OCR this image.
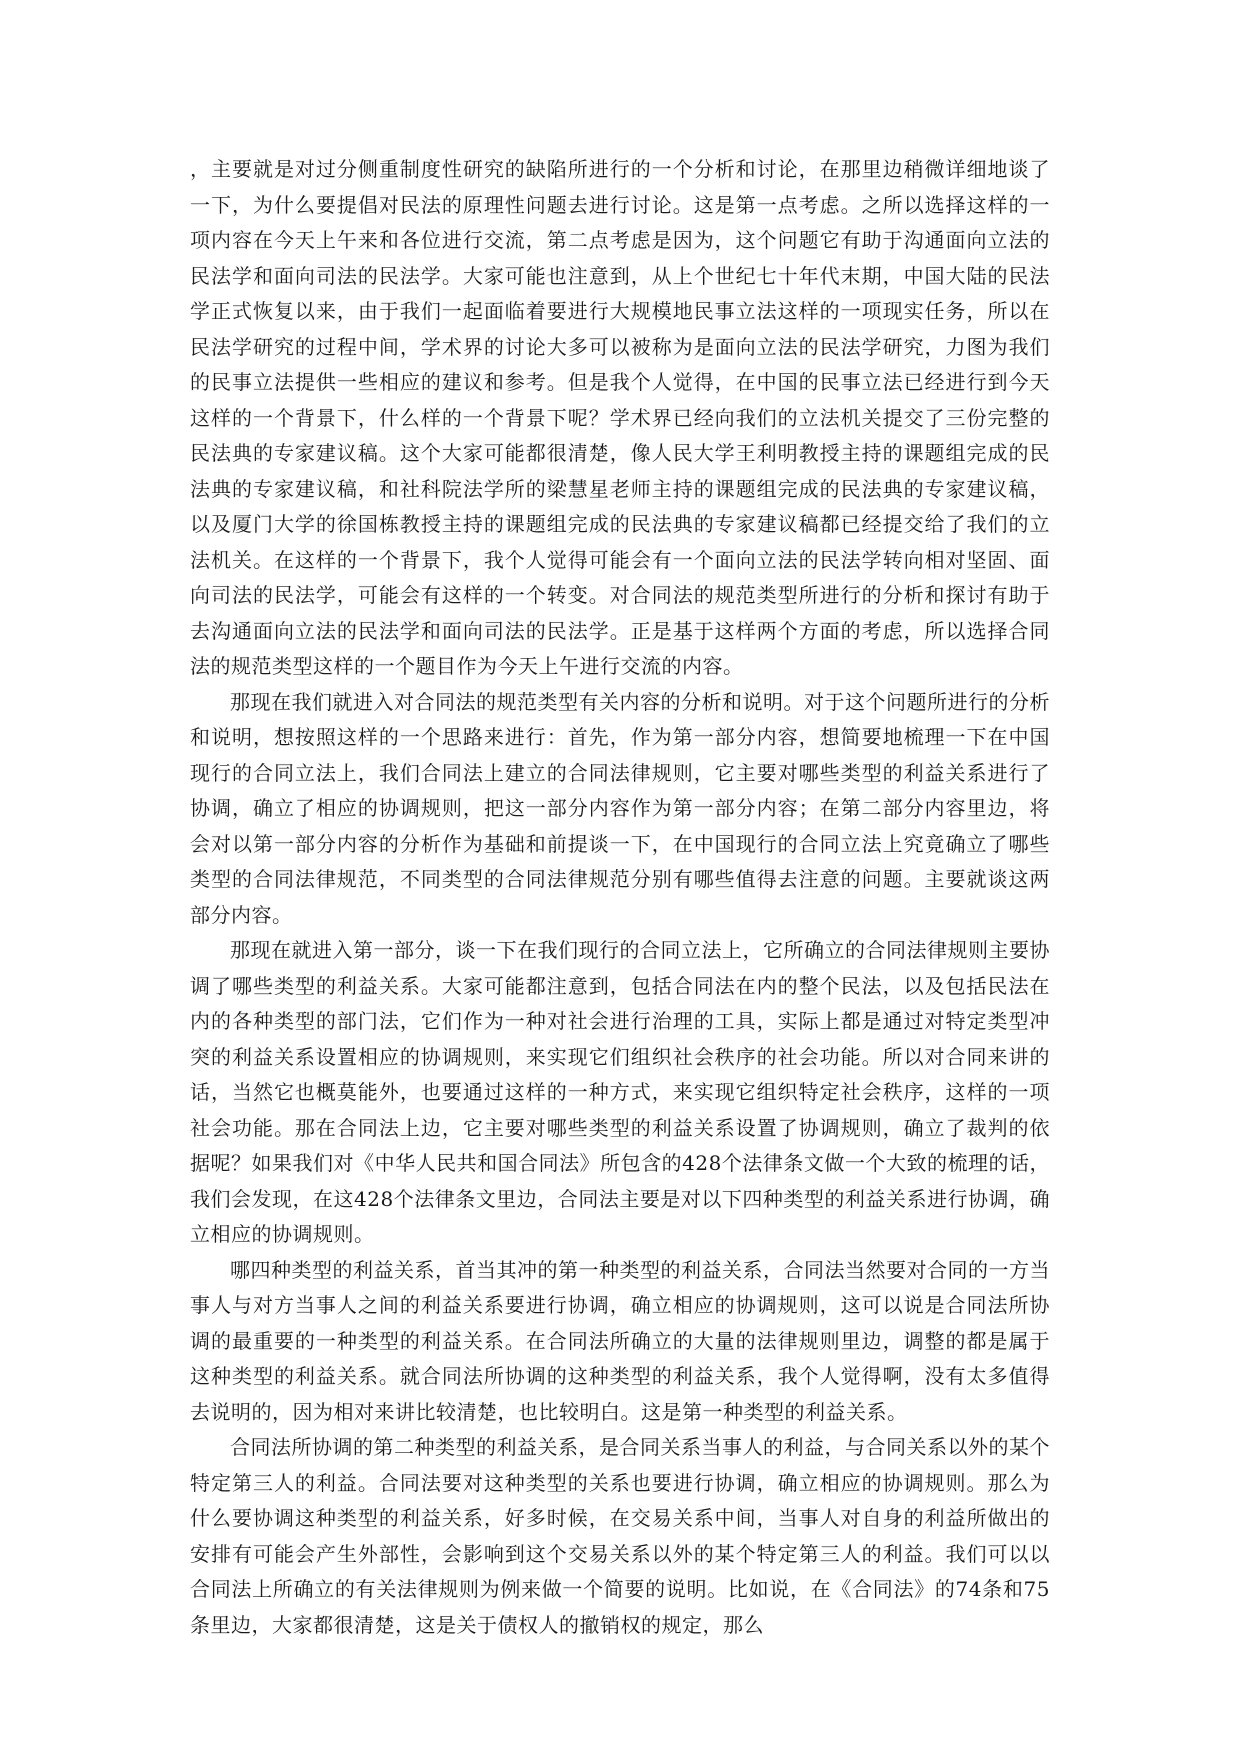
，主要就是对过分侧重制度性研究的缺陷所进行的一个分析和讨论，在那里边稍微详细地谈了一下，为什么要提倡对民法的原理性问题去进行讨论。这是第一点考虑。之所以选择这样的一项内容在今天上午来和各位进行交流，第二点考虑是因为，这个问题它有助于沟通面向立法的民法学和面向司法的民法学。大家可能也注意到，从上个世纪七十年代末期，中国大陆的民法学正式恢复以来，由于我们一起面临着要进行大规模地民事立法这样的一项现实任务，所以在民法学研究的过程中间，学术界的讨论大多可以被称为是面向立法的民法学研究，力图为我们的民事立法提供一些相应的建议和参考。但是我个人觉得，在中国的民事立法已经进行到今天这样的一个背景下，什么样的一个背景下呢？学术界已经向我们的立法机关提交了三份完整的民法典的专家建议稿。这个大家可能都很清楚，像人民大学王利明教授主持的课题组完成的民法典的专家建议稿，和社科院法学所的梁慧星老师主持的课题组完成的民法典的专家建议稿，以及厦门大学的徐国栋教授主持的课题组完成的民法典的专家建议稿都已经提交给了我们的立法机关。在这样的一个背景下，我个人觉得可能会有一个面向立法的民法学转向相对坚固、面向司法的民法学，可能会有这样的一个转变。对合同法的规范类型所进行的分析和探讨有助于去沟通面向立法的民法学和面向司法的民法学。正是基于这样两个方面的考虑，所以选择合同法的规范类型这样的一个题目作为今天上午进行交流的内容。

那现在我们就进入对合同法的规范类型有关内容的分析和说明。对于这个问题所进行的分析和说明，想按照这样的一个思路来进行：首先，作为第一部分内容，想简要地梳理一下在中国现行的合同立法上，我们合同法上建立的合同法律规则，它主要对哪些类型的利益关系进行了协调，确立了相应的协调规则，把这一部分内容作为第一部分内容；在第二部分内容里边，将会对以第一部分内容的分析作为基础和前提谈一下，在中国现行的合同立法上究竟确立了哪些类型的合同法律规范，不同类型的合同法律规范分别有哪些值得去注意的问题。主要就谈这两部分内容。

那现在就进入第一部分，谈一下在我们现行的合同立法上，它所确立的合同法律规则主要协调了哪些类型的利益关系。大家可能都注意到，包括合同法在内的整个民法，以及包括民法在内的各种类型的部门法，它们作为一种对社会进行治理的工具，实际上都是通过对特定类型冲突的利益关系设置相应的协调规则，来实现它们组织社会秩序的社会功能。所以对合同来讲的话，当然它也概莫能外，也要通过这样的一种方式，来实现它组织特定社会秩序，这样的一项社会功能。那在合同法上边，它主要对哪些类型的利益关系设置了协调规则，确立了裁判的依据呢？如果我们对《中华人民共和国合同法》所包含的428个法律条文做一个大致的梳理的话，我们会发现，在这428个法律条文里边，合同法主要是对以下四种类型的利益关系进行协调，确立相应的协调规则。

哪四种类型的利益关系，首当其冲的第一种类型的利益关系，合同法当然要对合同的一方当事人与对方当事人之间的利益关系要进行协调，确立相应的协调规则，这可以说是合同法所协调的最重要的一种类型的利益关系。在合同法所确立的大量的法律规则里边，调整的都是属于这种类型的利益关系。就合同法所协调的这种类型的利益关系，我个人觉得啊，没有太多值得去说明的，因为相对来讲比较清楚，也比较明白。这是第一种类型的利益关系。

合同法所协调的第二种类型的利益关系，是合同关系当事人的利益，与合同关系以外的某个特定第三人的利益。合同法要对这种类型的关系也要进行协调，确立相应的协调规则。那么为什么要协调这种类型的利益关系，好多时候，在交易关系中间，当事人对自身的利益所做出的安排有可能会产生外部性，会影响到这个交易关系以外的某个特定第三人的利益。我们可以以合同法上所确立的有关法律规则为例来做一个简要的说明。比如说，在《合同法》的74条和75条里边，大家都很清楚，这是关于债权人的撤销权的规定，那么
